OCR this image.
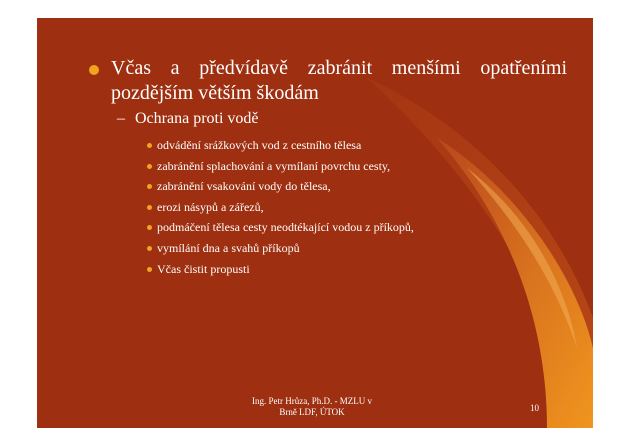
Včas a předvídavě zabránit menšími opatřeními pozdějším větším škodám
– Ochrana proti vodě
odvádění srážkových vod z cestního tělesa
zabránění splachování a vymílaní povrchu cesty,
zabránění vsakování vody do tělesa,
erozi násypů a zářezů,
podmáčení tělesa cesty neodtékající vodou z příkopů,
vymílání dna a svahů příkopů
Včas čistit propusti
Ing. Petr Hrůza, Ph.D. - MZLU v
Brně LDF, ÚTOK	10
